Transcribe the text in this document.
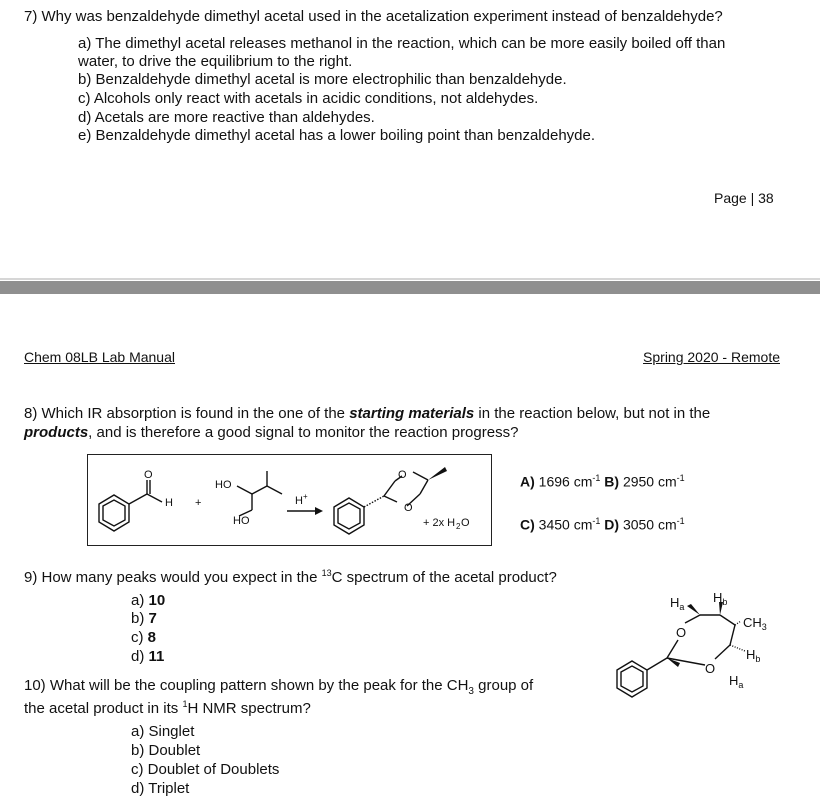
7) Why was benzaldehyde dimethyl acetal used in the acetalization experiment instead of benzaldehyde?
a) The dimethyl acetal releases methanol in the reaction, which can be more easily boiled off than
water, to drive the equilibrium to the right.
b) Benzaldehyde dimethyl acetal is more electrophilic than benzaldehyde.
c) Alcohols only react with acetals in acidic conditions, not aldehydes.
d) Acetals are more reactive than aldehydes.
e) Benzaldehyde dimethyl acetal has a lower boiling point than benzaldehyde.
Page | 38
Chem 08LB Lab Manual	Spring 2020 - Remote
8) Which IR absorption is found in the one of the starting materials in the reaction below, but not in the
products, and is therefore a good signal to monitor the reaction progress?
O
H +
HO
HO
H +
O
O
+ 2x H 2 O
A) 1696 $cm^{-1}$ B) 2950 $cm^{-1}$
C) 3450 $cm^{-1}$ D) 3050 $cm^{-1}$
9) How many peaks would you expect in the $^{13}$C spectrum of the acetal product?
a) 10
b) 7
c) 8
d) 11
$H_a$
$H_b$
$CH_3$
O
O
$H_b$
$H_a$
10) What will be the coupling pattern shown by the peak for the $CH_3$ group of
the acetal product in its $^1$H NMR spectrum?
a) Singlet
b) Doublet
c) Doublet of Doublets
d) Triplet
